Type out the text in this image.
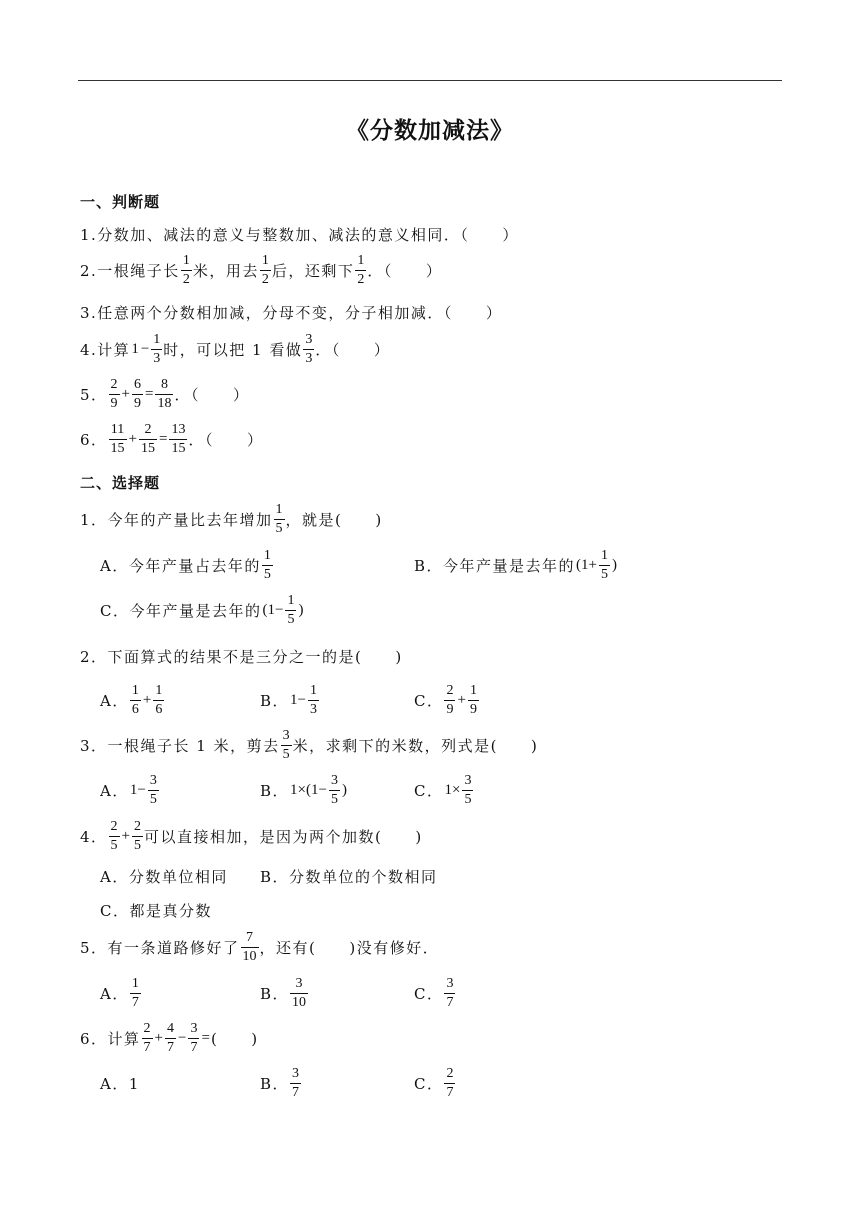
《分数加减法》
一、判断题
1.分数加、减法的意义与整数加、减法的意义相同．（　　）
2.一根绳子长
1
2 米，用去
1
2 后，还剩下
1
2 ．（　　）
3.任意两个分数相加减，分母不变，分子相加减．（　　）
4.计算 $1 - \frac{1}{3}$ 时，可以把 1 看做
3
3 ．（　　）
5．
2
9
+ $\frac{6}{9} = \frac{8}{18}$ ．（　　）
6．
11
15
+ $\frac{2}{15} = \frac{13}{15}$ ．（　　）
二、选择题
1．今年的产量比去年增加
1
5 ，就是(　　)
A．今年产量占去年的
1
5	B．今年产量是去年的 ($1+ \frac{1}{5}$ )
C．今年产量是去年的 ($1- \frac{1}{5}$ )
2．下面算式的结果不是三分之一的是(　　)
A．
1
6
+ $\frac{1}{6}$	B． $1- \frac{1}{3}$	C．
2
9
+ $\frac{1}{9}$
3．一根绳子长 1 米，剪去
3
5 米，求剩下的米数，列式是(　　)
A． $1- \frac{3}{5}$	B． $1\times(1- \frac{3}{5}$ )	C． $1\times \frac{3}{5}$
4．
2
5
+ $\frac{2}{5}$ 可以直接相加，是因为两个加数(　　)
A．分数单位相同 B．分数单位的个数相同
C．都是真分数
5．有一条道路修好了
7
10 ，还有(　　)没有修好．
A．
1
7	B．
3
10	C．
3
7
6．计算
2
7
+ $\frac{4}{7} - \frac{3}{7}$ = (　　)
A．1	B．
3
7	C．
2
7
